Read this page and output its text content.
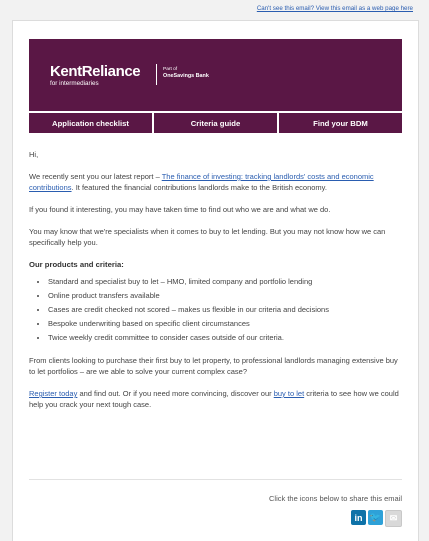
Can't see this email? View this email as a web page here
KentReliance
for intermediaries
Part of
OneSavings Bank
Application checklist	Criteria guide	Find your BDM

Hi,

We recently sent you our latest report – The finance of investing: tracking landlords' costs and economic contributions. It featured the financial contributions landlords make to the British economy.

If you found it interesting, you may have taken time to find out who we are and what we do.

You may know that we're specialists when it comes to buy to let lending. But you may not know how we can specifically help you.

Our products and criteria:
• Standard and specialist buy to let – HMO, limited company and portfolio lending
• Online product transfers available
• Cases are credit checked not scored – makes us flexible in our criteria and decisions
• Bespoke underwriting based on specific client circumstances
• Twice weekly credit committee to consider cases outside of our criteria.

From clients looking to purchase their first buy to let property, to professional landlords managing extensive buy to let portfolios – are we able to solve your current complex case?

Register today and find out. Or if you need more convincing, discover our buy to let criteria to see how we could help you crack your next tough case.

Click the icons below to share this email
in 🐦 ✉
